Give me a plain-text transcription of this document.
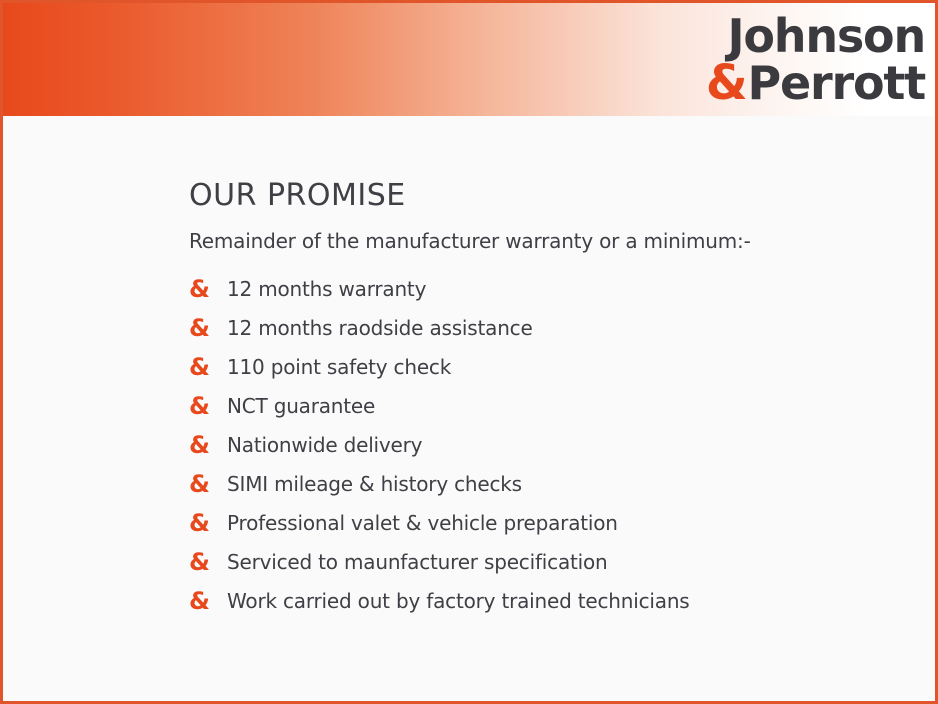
Johnson
& Perrott
OUR PROMISE

Remainder of the manufacturer warranty or a minimum:-

& 12 months warranty
& 12 months raodside assistance
& 110 point safety check
& NCT guarantee
& Nationwide delivery
& SIMI mileage & history checks
& Professional valet & vehicle preparation
& Serviced to maunfacturer specification
& Work carried out by factory trained technicians
